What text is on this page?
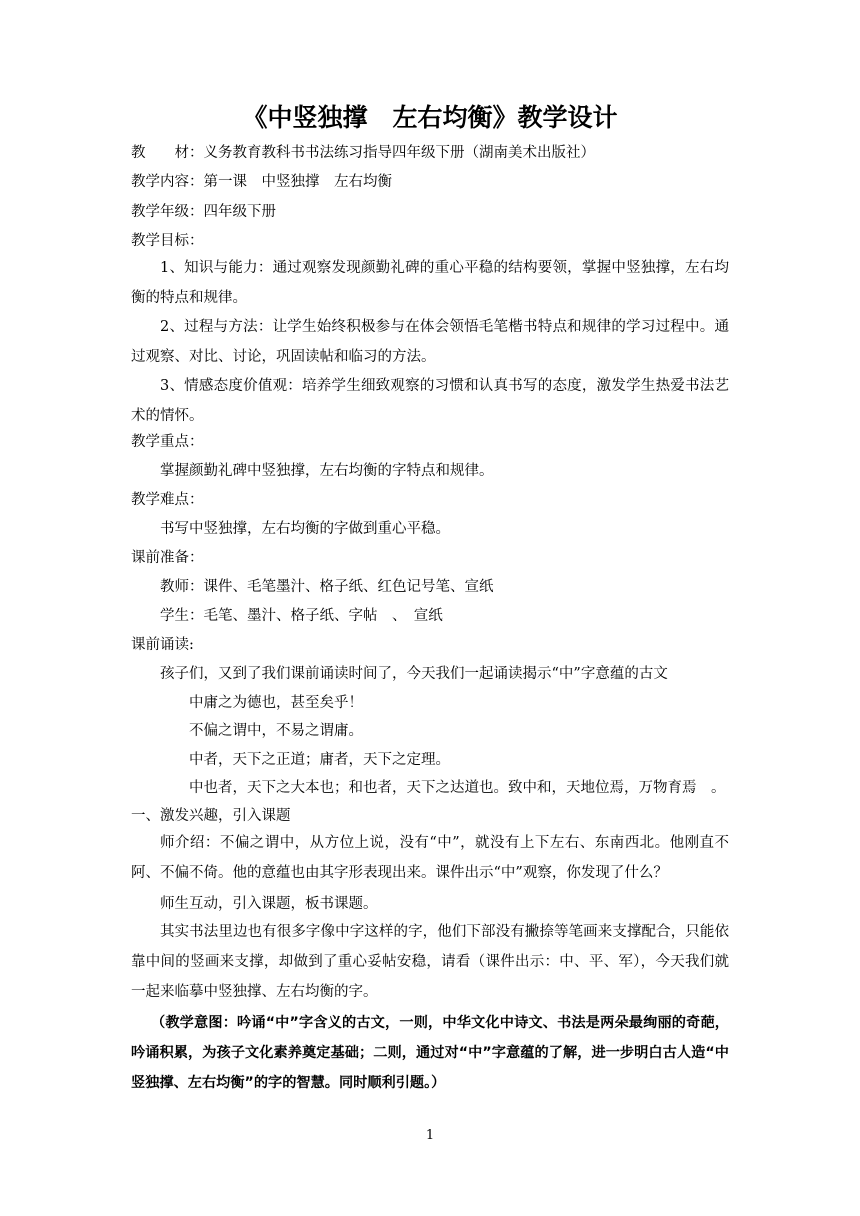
《中竖独撑　左右均衡》教学设计
教　　材：义务教育教科书书法练习指导四年级下册（湖南美术出版社）
教学内容：第一课　中竖独撑　左右均衡
教学年级：四年级下册
教学目标：
1、知识与能力：通过观察发现颜勤礼碑的重心平稳的结构要领，掌握中竖独撑，左右均衡的特点和规律。
2、过程与方法：让学生始终积极参与在体会领悟毛笔楷书特点和规律的学习过程中。通过观察、对比、讨论，巩固读帖和临习的方法。
3、情感态度价值观：培养学生细致观察的习惯和认真书写的态度，激发学生热爱书法艺术的情怀。
教学重点：
掌握颜勤礼碑中竖独撑，左右均衡的字特点和规律。
教学难点：
书写中竖独撑，左右均衡的字做到重心平稳。
课前准备：
教师：课件、毛笔墨汁、格子纸、红色记号笔、宣纸
学生：毛笔、墨汁、格子纸、字帖　、　宣纸
课前诵读:
孩子们，又到了我们课前诵读时间了，今天我们一起诵读揭示“中”字意蕴的古文
中庸之为德也，甚至矣乎！
不偏之谓中，不易之谓庸。
中者，天下之正道；庸者，天下之定理。
中也者，天下之大本也；和也者，天下之达道也。致中和，天地位焉，万物育焉　。
一、激发兴趣，引入课题
师介绍：不偏之谓中，从方位上说，没有“中”，就没有上下左右、东南西北。他刚直不阿、不偏不倚。他的意蕴也由其字形表现出来。课件出示“中”观察，你发现了什么？
师生互动，引入课题，板书课题。
其实书法里边也有很多字像中字这样的字，他们下部没有撇捺等笔画来支撑配合，只能依靠中间的竖画来支撑，却做到了重心妥帖安稳，请看（课件出示：中、平、军），今天我们就一起来临摹中竖独撑、左右均衡的字。
（教学意图：吟诵“中”字含义的古文，一则，中华文化中诗文、书法是两朵最绚丽的奇葩，吟诵积累，为孩子文化素养奠定基础；二则，通过对“中”字意蕴的了解，进一步明白古人造“中竖独撑、左右均衡”的字的智慧。同时顺利引题。）
1
